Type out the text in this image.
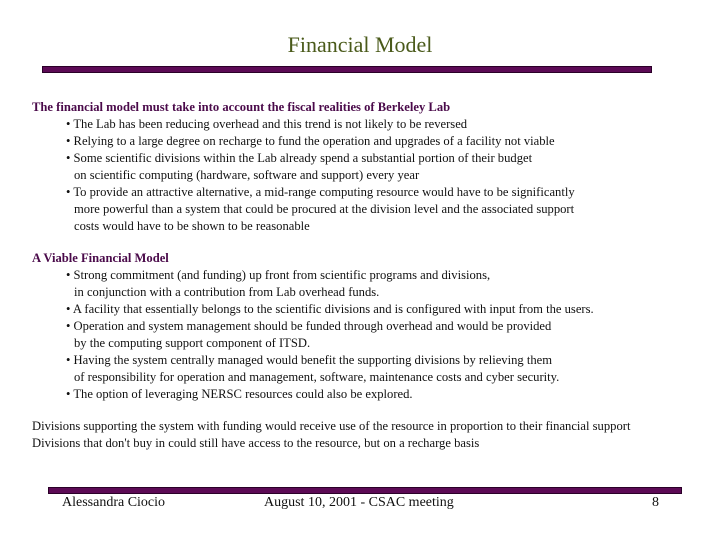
Financial Model
The financial model must take into account the fiscal realities of Berkeley Lab
• The Lab has been reducing overhead and this trend is not likely to be reversed
• Relying to a large degree on recharge to fund the operation and upgrades of a facility not viable
• Some scientific divisions within the Lab already spend a substantial portion of their budget
on scientific computing (hardware, software and support) every year
• To provide an attractive alternative, a mid-range computing resource would have to be significantly
more powerful than a system that could be procured at the division level and the associated support
costs would have to be shown to be reasonable
A Viable Financial Model
• Strong commitment (and funding) up front from scientific programs and divisions,
in conjunction with a contribution from Lab overhead funds.
• A facility that essentially belongs to the scientific divisions and is configured with input from the users.
• Operation and system management should be funded through overhead and would be provided
by the computing support component of ITSD.
• Having the system centrally managed would benefit the supporting divisions by relieving them
of responsibility for operation and management, software, maintenance costs and cyber security.
• The option of leveraging NERSC resources could also be explored.
Divisions supporting the system with funding would receive use of the resource in proportion to their financial support
Divisions that don't buy in could still have access to the resource, but on a recharge basis
Alessandra Ciocio	August 10, 2001 - CSAC meeting	8
